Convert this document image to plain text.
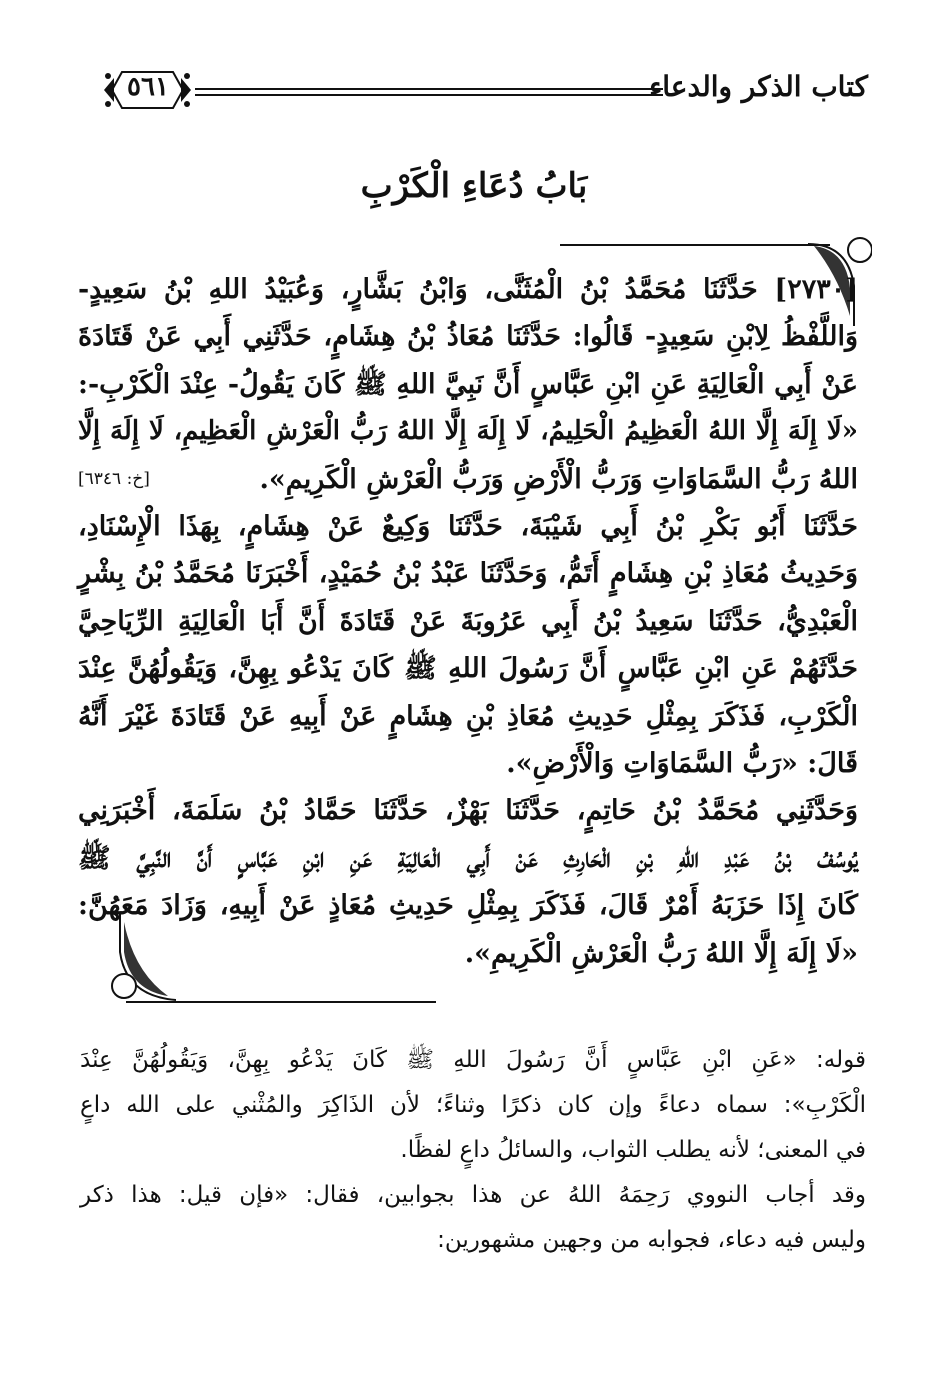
كتاب الذكر والدعاء
٥٦١
بَابُ دُعَاءِ الْكَرْبِ
[٢٧٣٠] حَدَّثَنَا مُحَمَّدُ بْنُ الْمُثَنَّى، وَابْنُ بَشَّارٍ، وَعُبَيْدُ اللهِ بْنُ سَعِيدٍ-
وَاللَّفْظُ لِابْنِ سَعِيدٍ- قَالُوا: حَدَّثَنَا مُعَاذُ بْنُ هِشَامٍ، حَدَّثَنِي أَبِي عَنْ قَتَادَةَ
عَنْ أَبِي الْعَالِيَةِ عَنِ ابْنِ عَبَّاسٍ أَنَّ نَبِيَّ اللهِ ﷺ كَانَ يَقُولُ- عِنْدَ الْكَرْبِ-:
«لَا إِلَهَ إِلَّا اللهُ الْعَظِيمُ الْحَلِيمُ، لَا إِلَهَ إِلَّا اللهُ رَبُّ الْعَرْشِ الْعَظِيمِ، لَا إِلَهَ إِلَّا
اللهُ رَبُّ السَّمَاوَاتِ وَرَبُّ الْأَرْضِ وَرَبُّ الْعَرْشِ الْكَرِيمِ».
[خ: ٦٣٤٦]
حَدَّثَنَا أَبُو بَكْرِ بْنُ أَبِي شَيْبَةَ، حَدَّثَنَا وَكِيعٌ عَنْ هِشَامٍ، بِهَذَا الْإِسْنَادِ،
وَحَدِيثُ مُعَاذِ بْنِ هِشَامٍ أَتَمُّ، وَحَدَّثَنَا عَبْدُ بْنُ حُمَيْدٍ، أَخْبَرَنَا مُحَمَّدُ بْنُ بِشْرٍ
الْعَبْدِيُّ، حَدَّثَنَا سَعِيدُ بْنُ أَبِي عَرُوبَةَ عَنْ قَتَادَةَ أَنَّ أَبَا الْعَالِيَةِ الرِّيَاحِيَّ
حَدَّثَهُمْ عَنِ ابْنِ عَبَّاسٍ أَنَّ رَسُولَ اللهِ ﷺ كَانَ يَدْعُو بِهِنَّ، وَيَقُولُهُنَّ عِنْدَ
الْكَرْبِ، فَذَكَرَ بِمِثْلِ حَدِيثِ مُعَاذِ بْنِ هِشَامٍ عَنْ أَبِيهِ عَنْ قَتَادَةَ غَيْرَ أَنَّهُ
قَالَ: «رَبُّ السَّمَاوَاتِ وَالْأَرْضِ».
وَحَدَّثَنِي مُحَمَّدُ بْنُ حَاتِمٍ، حَدَّثَنَا بَهْزٌ، حَدَّثَنَا حَمَّادُ بْنُ سَلَمَةَ، أَخْبَرَنِي
يُوسُفُ بْنُ عَبْدِ اللهِ بْنِ الْحَارِثِ عَنْ أَبِي الْعَالِيَةِ عَنِ ابْنِ عَبَّاسٍ أَنَّ النَّبِيَّ ﷺ
كَانَ إِذَا حَزَبَهُ أَمْرٌ قَالَ، فَذَكَرَ بِمِثْلِ حَدِيثِ مُعَاذٍ عَنْ أَبِيهِ، وَزَادَ مَعَهُنَّ:
«لَا إِلَهَ إِلَّا اللهُ رَبُّ الْعَرْشِ الْكَرِيمِ».
قوله: «عَنِ ابْنِ عَبَّاسٍ أَنَّ رَسُولَ اللهِ ﷺ كَانَ يَدْعُو بِهِنَّ، وَيَقُولُهُنَّ عِنْدَ
الْكَرْبِ»: سماه دعاءً وإن كان ذكرًا وثناءً؛ لأن الذَاكِرَ والمُثْني على الله داعٍ
في المعنى؛ لأنه يطلب الثواب، والسائلُ داعٍ لفظًا.
وقد أجاب النووي رَحِمَهُ اللهُ عن هذا بجوابين، فقال: «فإن قيل: هذا ذكر
وليس فيه دعاء، فجوابه من وجهين مشهورين:
